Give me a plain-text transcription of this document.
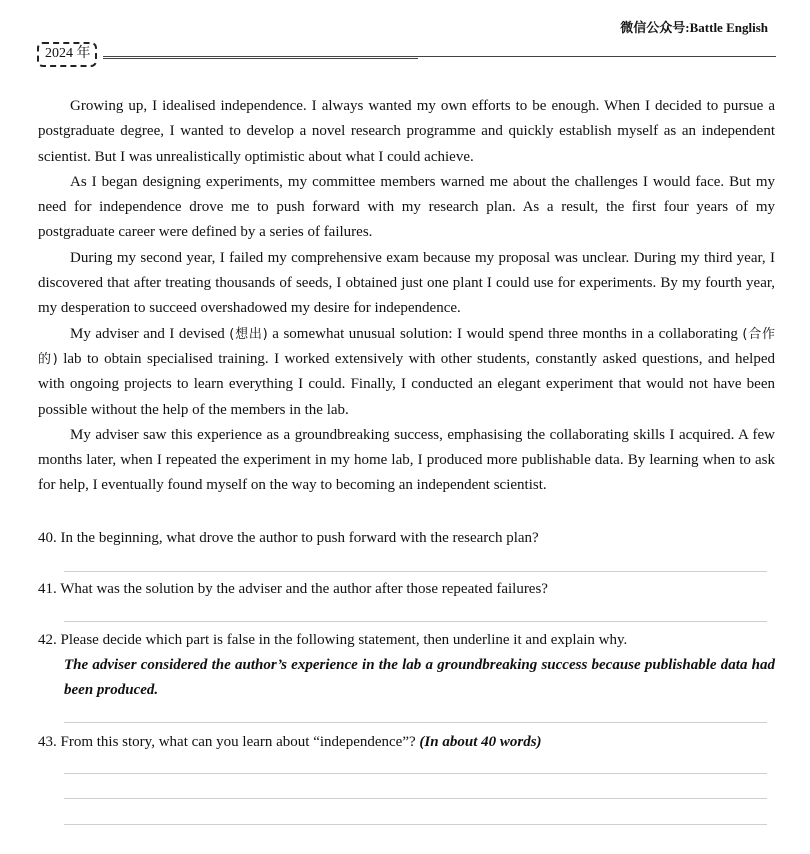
微信公众号:Battle English
2024 年

Growing up, I idealised independence. I always wanted my own efforts to be enough. When I decided to pursue a postgraduate degree, I wanted to develop a novel research programme and quickly establish myself as an independent scientist. But I was unrealistically optimistic about what I could achieve.

As I began designing experiments, my committee members warned me about the challenges I would face. But my need for independence drove me to push forward with my research plan. As a result, the first four years of my postgraduate career were defined by a series of failures.

During my second year, I failed my comprehensive exam because my proposal was unclear. During my third year, I discovered that after treating thousands of seeds, I obtained just one plant I could use for experiments. By my fourth year, my desperation to succeed overshadowed my desire for independence.

My adviser and I devised (想出) a somewhat unusual solution: I would spend three months in a collaborating (合作的) lab to obtain specialised training. I worked extensively with other students, constantly asked questions, and helped with ongoing projects to learn everything I could. Finally, I conducted an elegant experiment that would not have been possible without the help of the members in the lab.

My adviser saw this experience as a groundbreaking success, emphasising the collaborating skills I acquired. A few months later, when I repeated the experiment in my home lab, I produced more publishable data. By learning when to ask for help, I eventually found myself on the way to becoming an independent scientist.

40. In the beginning, what drove the author to push forward with the research plan?
41. What was the solution by the adviser and the author after those repeated failures?
42. Please decide which part is false in the following statement, then underline it and explain why.
The adviser considered the author’s experience in the lab a groundbreaking success because publishable data had been produced.
43. From this story, what can you learn about “independence”? (In about 40 words)
